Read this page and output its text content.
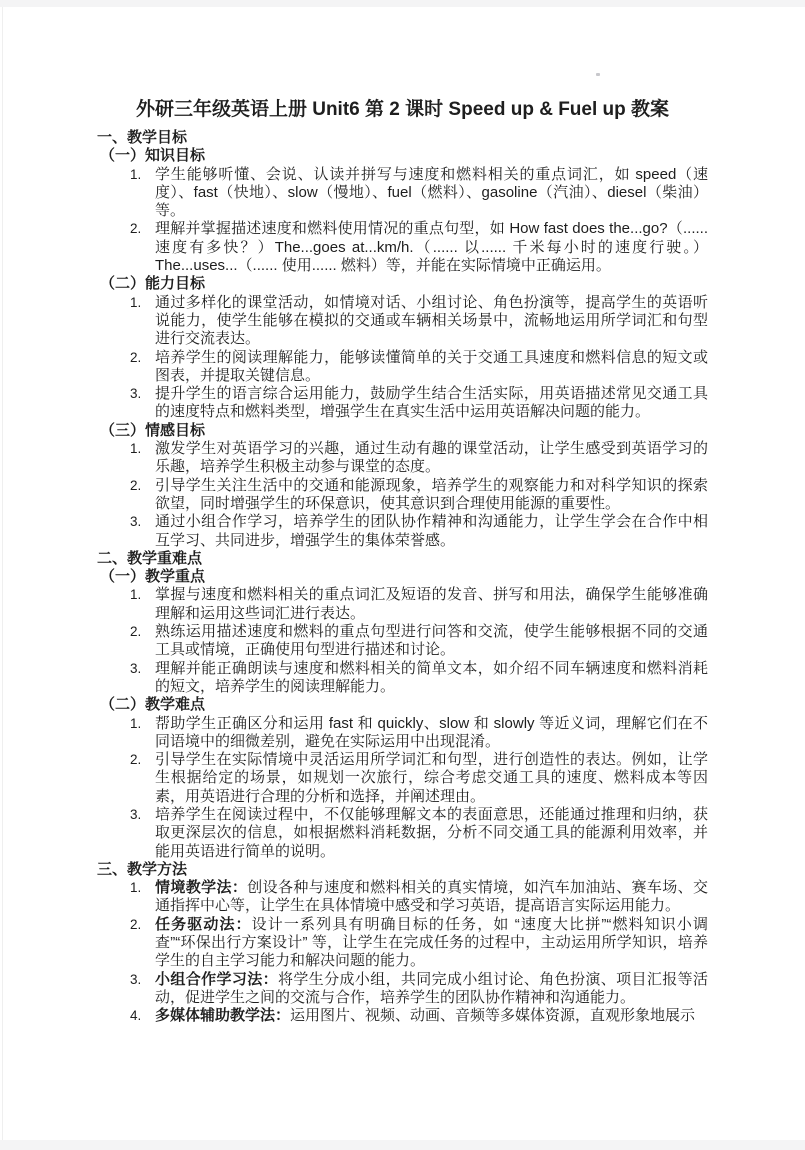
外研三年级英语上册 Unit6 第 2 课时 Speed up & Fuel up 教案
一、教学目标
（一）知识目标
1. 学生能够听懂、会说、认读并拼写与速度和燃料相关的重点词汇，如 speed（速度）、fast（快地）、slow（慢地）、fuel（燃料）、gasoline（汽油）、diesel（柴油）等。

2. 理解并掌握描述速度和燃料使用情况的重点句型，如 How fast does the...go?（......速度有多快？）The...goes at...km/h.（...... 以...... 千米每小时的速度行驶。）The...uses...（...... 使用...... 燃料）等，并能在实际情境中正确运用。

（二）能力目标
1. 通过多样化的课堂活动，如情境对话、小组讨论、角色扮演等，提高学生的英语听说能力，使学生能够在模拟的交通或车辆相关场景中，流畅地运用所学词汇和句型进行交流表达。

2. 培养学生的阅读理解能力，能够读懂简单的关于交通工具速度和燃料信息的短文或图表，并提取关键信息。

3. 提升学生的语言综合运用能力，鼓励学生结合生活实际，用英语描述常见交通工具的速度特点和燃料类型，增强学生在真实生活中运用英语解决问题的能力。

（三）情感目标
1. 激发学生对英语学习的兴趣，通过生动有趣的课堂活动，让学生感受到英语学习的乐趣，培养学生积极主动参与课堂的态度。

2. 引导学生关注生活中的交通和能源现象，培养学生的观察能力和对科学知识的探索欲望，同时增强学生的环保意识，使其意识到合理使用能源的重要性。

3. 通过小组合作学习，培养学生的团队协作精神和沟通能力，让学生学会在合作中相互学习、共同进步，增强学生的集体荣誉感。

二、教学重难点
（一）教学重点
1. 掌握与速度和燃料相关的重点词汇及短语的发音、拼写和用法，确保学生能够准确理解和运用这些词汇进行表达。

2. 熟练运用描述速度和燃料的重点句型进行问答和交流，使学生能够根据不同的交通工具或情境，正确使用句型进行描述和讨论。

3. 理解并能正确朗读与速度和燃料相关的简单文本，如介绍不同车辆速度和燃料消耗的短文，培养学生的阅读理解能力。

（二）教学难点
1. 帮助学生正确区分和运用 fast 和 quickly、slow 和 slowly 等近义词，理解它们在不同语境中的细微差别，避免在实际运用中出现混淆。

2. 引导学生在实际情境中灵活运用所学词汇和句型，进行创造性的表达。例如，让学生根据给定的场景，如规划一次旅行，综合考虑交通工具的速度、燃料成本等因素，用英语进行合理的分析和选择，并阐述理由。

3. 培养学生在阅读过程中，不仅能够理解文本的表面意思，还能通过推理和归纳，获取更深层次的信息，如根据燃料消耗数据，分析不同交通工具的能源利用效率，并能用英语进行简单的说明。

三、教学方法
1. 情境教学法：创设各种与速度和燃料相关的真实情境，如汽车加油站、赛车场、交通指挥中心等，让学生在具体情境中感受和学习英语，提高语言实际运用能力。

2. 任务驱动法：设计一系列具有明确目标的任务，如 “速度大比拼”“燃料知识小调查”“环保出行方案设计” 等，让学生在完成任务的过程中，主动运用所学知识，培养学生的自主学习能力和解决问题的能力。

3. 小组合作学习法：将学生分成小组，共同完成小组讨论、角色扮演、项目汇报等活动，促进学生之间的交流与合作，培养学生的团队协作精神和沟通能力。

4. 多媒体辅助教学法：运用图片、视频、动画、音频等多媒体资源，直观形象地展示
